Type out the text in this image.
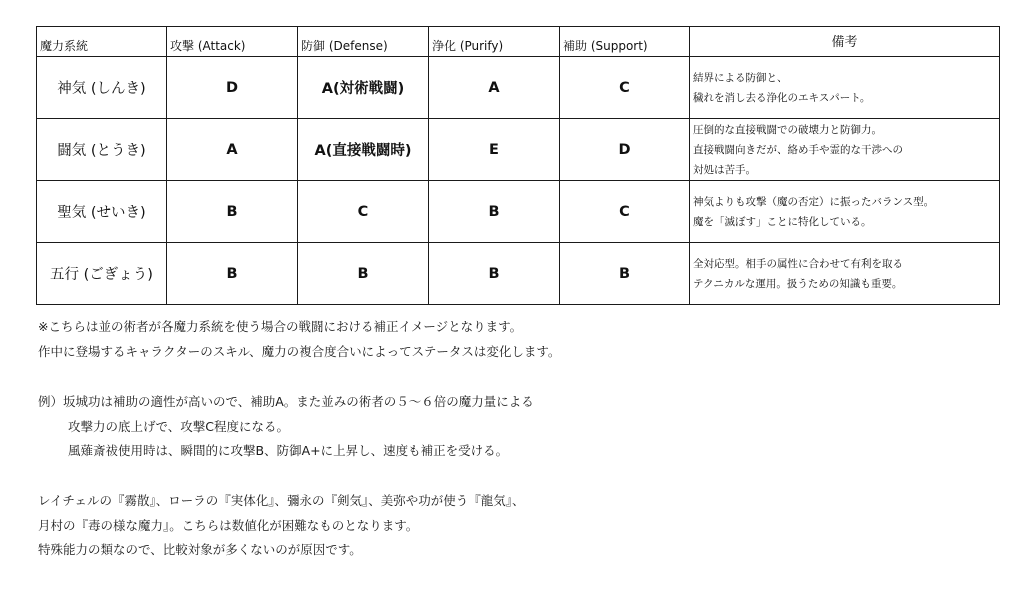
魔力系統	攻撃 (Attack)	防御 (Defense)	浄化 (Purify)	補助 (Support)	備考
神気 (しんき)	D	A(対術戦闘)	A	C	結界による防御と、
穢れを消し去る浄化のエキスパート。

闘気 (とうき)	A	A(直接戦闘時)	E	D	圧倒的な直接戦闘での破壊力と防御力。
直接戦闘向きだが、絡め手や霊的な干渉への
対処は苦手。

聖気 (せいき)	B	C	B	C	神気よりも攻撃（魔の否定）に振ったバランス型。
魔を「滅ぼす」ことに特化している。

五行 (ごぎょう)	B	B	B	B	全対応型。相手の属性に合わせて有利を取る
テクニカルな運用。扱うための知識も重要。
※こちらは並の術者が各魔力系統を使う場合の戦闘における補正イメージとなります。
作中に登場するキャラクターのスキル、魔力の複合度合いによってステータスは変化します。
例）坂城功は補助の適性が高いので、補助A。また並みの術者の５〜６倍の魔力量による
攻撃力の底上げで、攻撃C程度になる。
風薙斎祓使用時は、瞬間的に攻撃B、防御A+に上昇し、速度も補正を受ける。
レイチェルの『霧散』、ローラの『実体化』、彌永の『剣気』、美弥や功が使う『龍気』、
月村の『毒の様な魔力』。こちらは数値化が困難なものとなります。
特殊能力の類なので、比較対象が多くないのが原因です。
